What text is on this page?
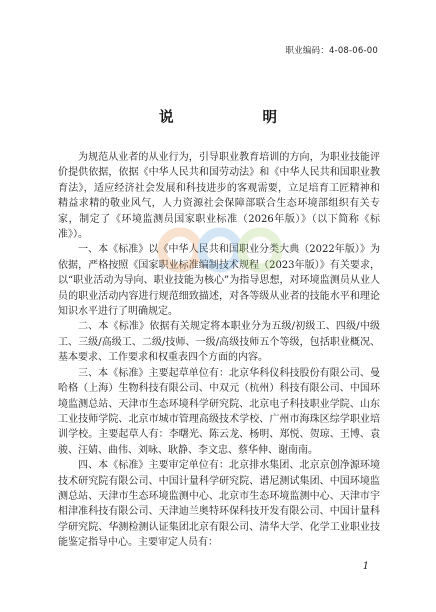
职业编码：4-08-06-00
说　　明

为规范从业者的从业行为，引导职业教育培训的方向，为职业技能评价提供依据，依据《中华人民共和国劳动法》和《中华人民共和国职业教育法》，适应经济社会发展和科技进步的客观需要，立足培育工匠精神和精益求精的敬业风气，人力资源社会保障部联合生态环境部组织有关专家，制定了《环境监测员国家职业标准（2026年版）》（以下简称《标准》）。

一、本《标准》以《中华人民共和国职业分类大典（2022年版）》为依据，严格按照《国家职业标准编制技术规程（2023年版）》有关要求，以“职业活动为导向、职业技能为核心”为指导思想，对环境监测员从业人员的职业活动内容进行规范细致描述，对各等级从业者的技能水平和理论知识水平进行了明确规定。

二、本《标准》依据有关规定将本职业分为五级/初级工、四级/中级工、三级/高级工、二级/技师、一级/高级技师五个等级，包括职业概况、基本要求、工作要求和权重表四个方面的内容。

三、本《标准》主要起草单位有：北京华科仪科技股份有限公司、曼哈格（上海）生物科技有限公司、中双元（杭州）科技有限公司、中国环境监测总站、天津市生态环境科学研究院、北京电子科技职业学院、山东工业技师学院、北京市城市管理高级技术学校、广州市海珠区综学职业培训学校。主要起草人有：李曙光、陈云龙、杨明、郑悦、贺琼、王博、袁骏、汪婧、曲伟、刘咏、耿静、李文忠、蔡华伸、谢南南。

四、本《标准》主要审定单位有：北京排水集团、北京京创净源环境技术研究院有限公司、中国计量科学研究院、谱尼测试集团、中国环境监测总站、天津市生态环境监测中心、北京市生态环境监测中心、天津市宇相津准科技有限公司、天津迪兰奥特环保科技开发有限公司、中国计量科学研究院、华测检测认证集团北京有限公司、清华大学、化学工业职业技能鉴定指导中心。主要审定人员有：

1
